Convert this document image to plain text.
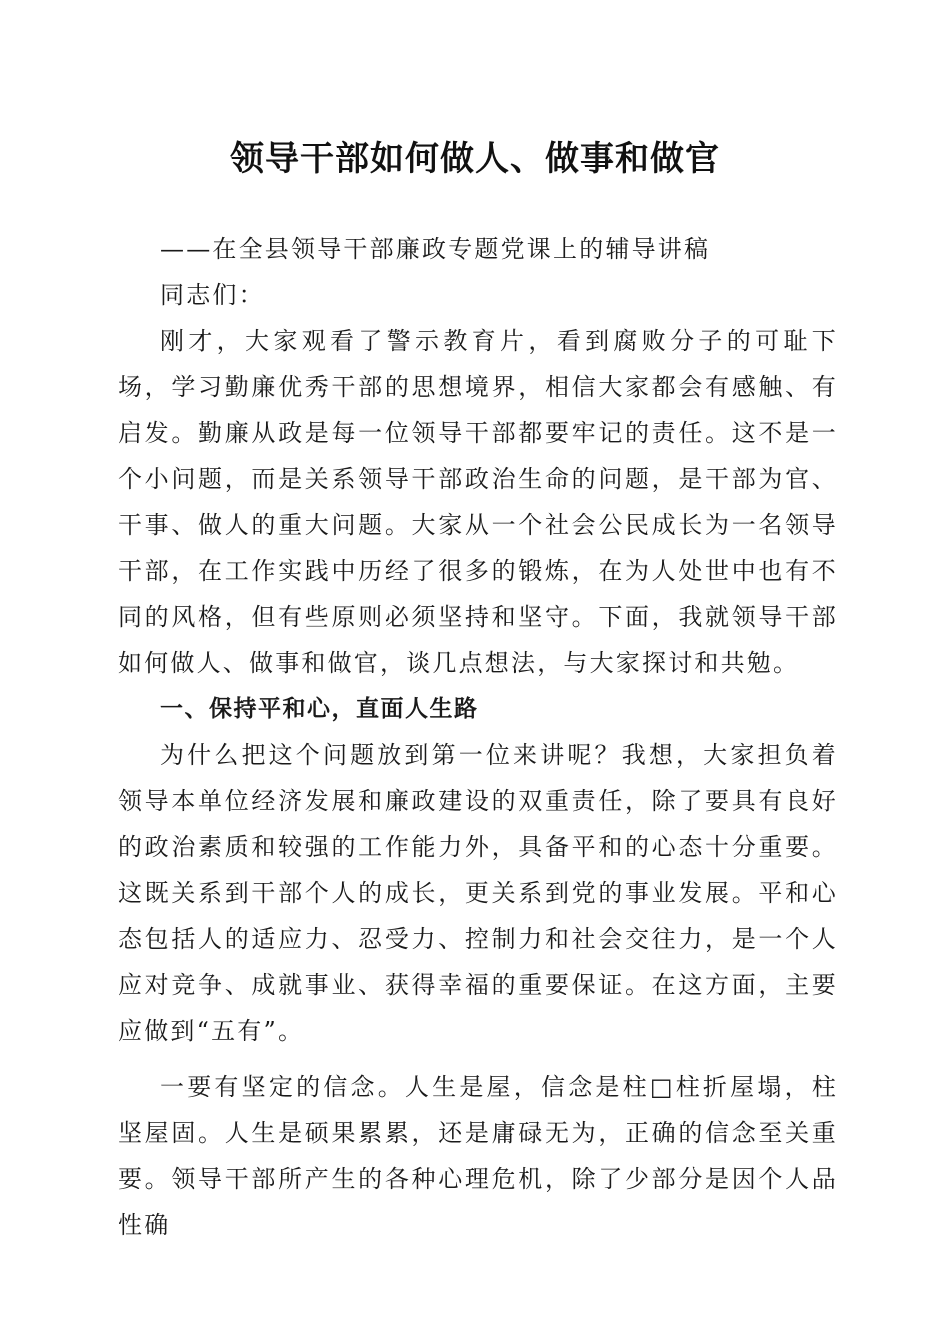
领导干部如何做人、做事和做官

——在全县领导干部廉政专题党课上的辅导讲稿

同志们：

刚才，大家观看了警示教育片，看到腐败分子的可耻下场，学习勤廉优秀干部的思想境界，相信大家都会有感触、有启发。勤廉从政是每一位领导干部都要牢记的责任。这不是一个小问题，而是关系领导干部政治生命的问题，是干部为官、干事、做人的重大问题。大家从一个社会公民成长为一名领导干部，在工作实践中历经了很多的锻炼，在为人处世中也有不同的风格，但有些原则必须坚持和坚守。下面，我就领导干部如何做人、做事和做官，谈几点想法，与大家探讨和共勉。

一、保持平和心，直面人生路

为什么把这个问题放到第一位来讲呢？我想，大家担负着领导本单位经济发展和廉政建设的双重责任，除了要具有良好的政治素质和较强的工作能力外，具备平和的心态十分重要。这既关系到干部个人的成长，更关系到党的事业发展。平和心态包括人的适应力、忍受力、控制力和社会交往力，是一个人应对竞争、成就事业、获得幸福的重要保证。在这方面，主要应做到“五有”。

一要有坚定的信念。人生是屋，信念是柱□柱折屋塌，柱坚屋固。人生是硕果累累，还是庸碌无为，正确的信念至关重要。领导干部所产生的各种心理危机，除了少部分是因个人品性确
